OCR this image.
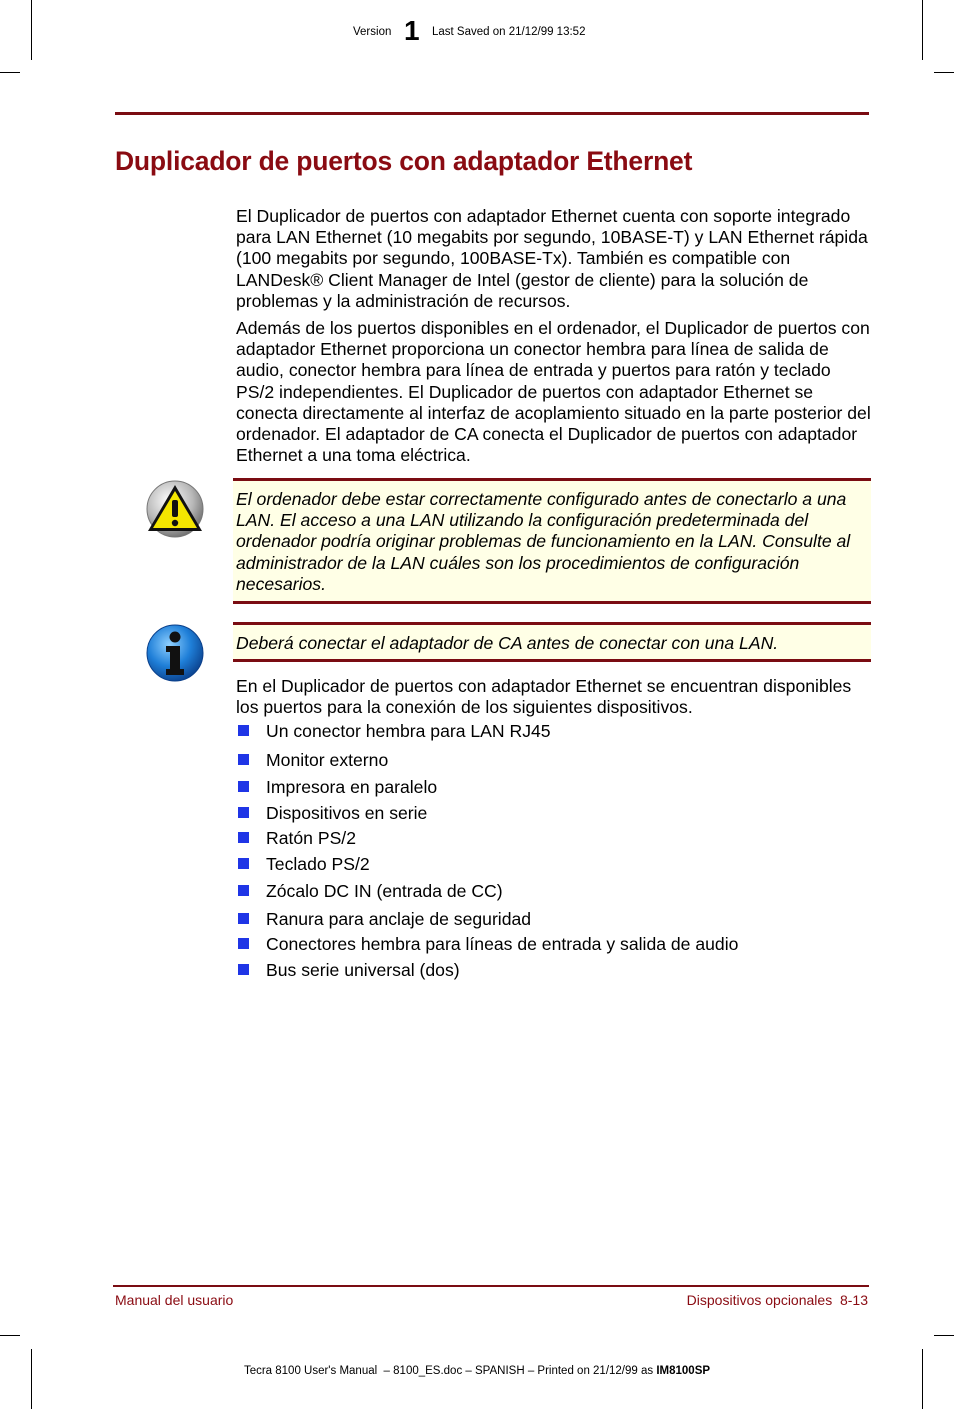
Version 1 Last Saved on 21/12/99 13:52
Duplicador de puertos con adaptador Ethernet

El Duplicador de puertos con adaptador Ethernet cuenta con soporte integrado para LAN Ethernet (10 megabits por segundo, 10BASE-T) y LAN Ethernet rápida (100 megabits por segundo, 100BASE-Tx). También es compatible con LANDesk® Client Manager de Intel (gestor de cliente) para la solución de problemas y la administración de recursos.

Además de los puertos disponibles en el ordenador, el Duplicador de puertos con adaptador Ethernet proporciona un conector hembra para línea de salida de audio, conector hembra para línea de entrada y puertos para ratón y teclado PS/2 independientes. El Duplicador de puertos con adaptador Ethernet se conecta directamente al interfaz de acoplamiento situado en la parte posterior del ordenador. El adaptador de CA conecta el Duplicador de puertos con adaptador Ethernet a una toma eléctrica.

El ordenador debe estar correctamente configurado antes de conectarlo a una LAN. El acceso a una LAN utilizando la configuración predeterminada del ordenador podría originar problemas de funcionamiento en la LAN. Consulte al administrador de la LAN cuáles son los procedimientos de configuración necesarios.

Deberá conectar el adaptador de CA antes de conectar con una LAN.

En el Duplicador de puertos con adaptador Ethernet se encuentran disponibles los puertos para la conexión de los siguientes dispositivos.

Un conector hembra para LAN RJ45
Monitor externo
Impresora en paralelo
Dispositivos en serie
Ratón PS/2
Teclado PS/2
Zócalo DC IN (entrada de CC)
Ranura para anclaje de seguridad
Conectores hembra para líneas de entrada y salida de audio
Bus serie universal (dos)
Manual del usuario	Dispositivos opcionales  8-13
Tecra 8100 User's Manual  – 8100_ES.doc – SPANISH – Printed on 21/12/99 as IM8100SP
